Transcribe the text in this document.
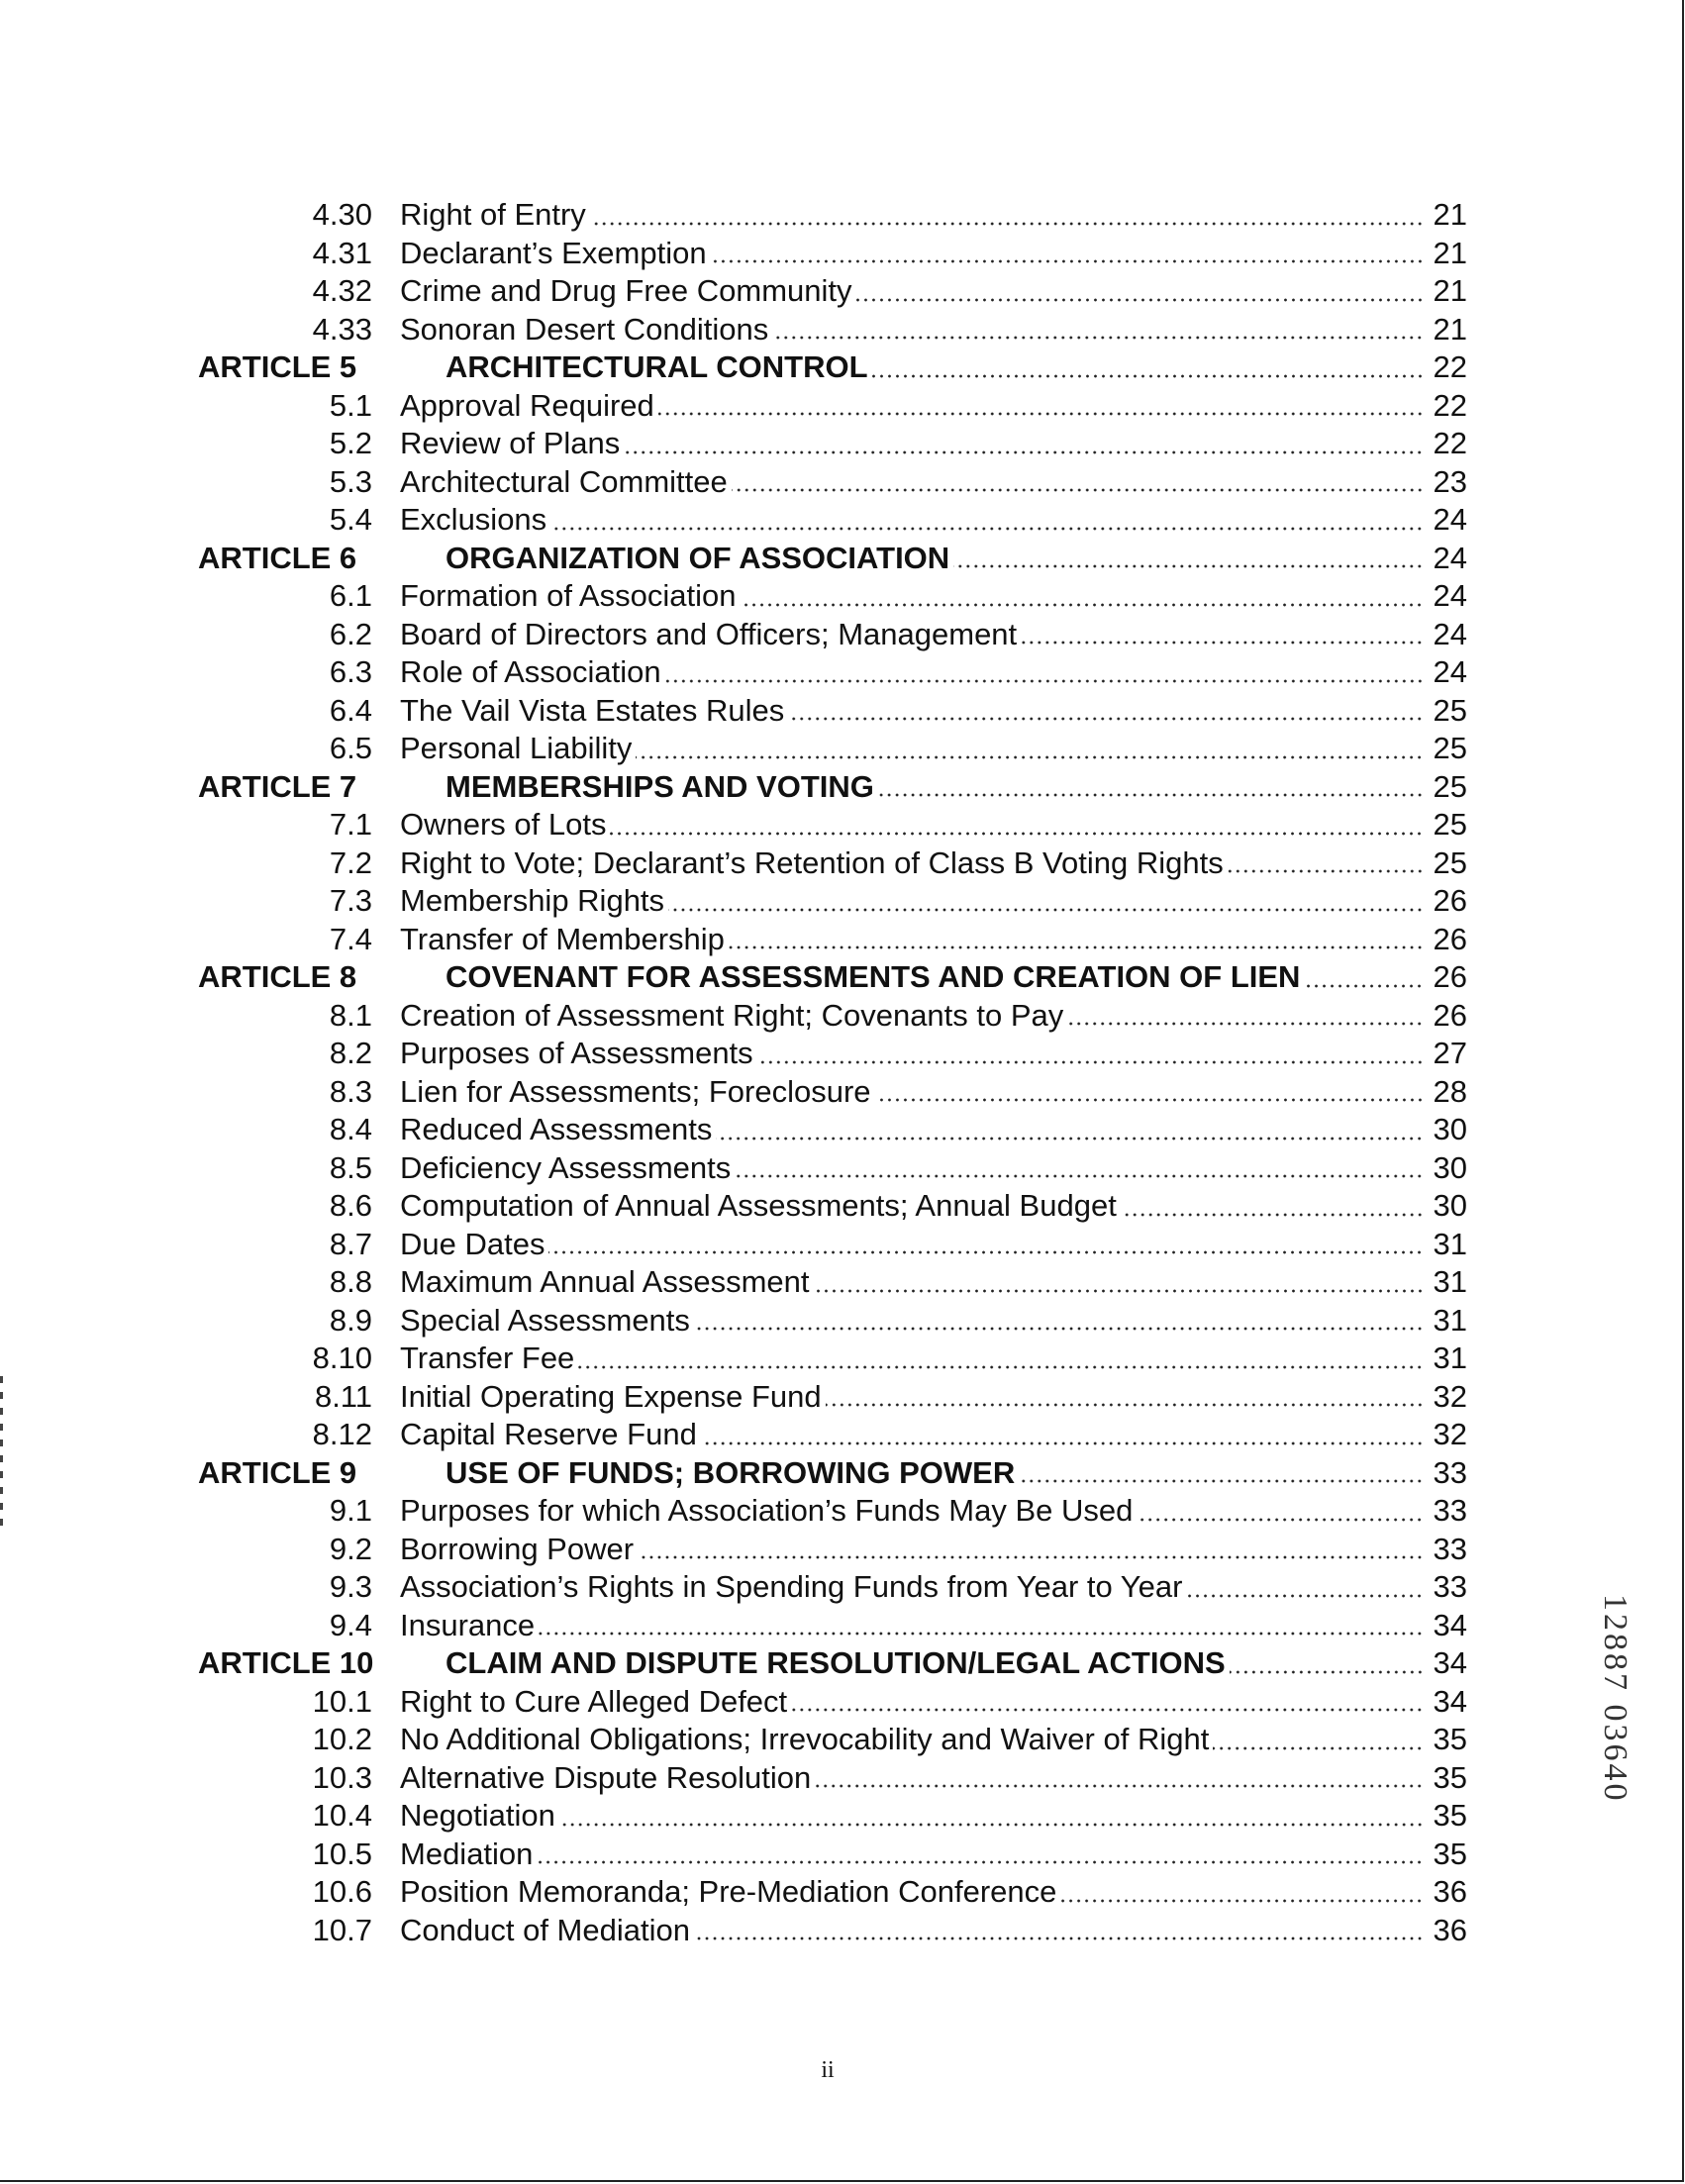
4.30 Right of Entry	21
4.31 Declarant’s Exemption	21
4.32 Crime and Drug Free Community	21
4.33 Sonoran Desert Conditions	21
ARTICLE 5	ARCHITECTURAL CONTROL	22
5.1 Approval Required	22
5.2 Review of Plans	22
5.3 Architectural Committee	23
5.4 Exclusions	24
ARTICLE 6	ORGANIZATION OF ASSOCIATION	24
6.1 Formation of Association	24
6.2 Board of Directors and Officers; Management	24
6.3 Role of Association	24
6.4 The Vail Vista Estates Rules	25
6.5 Personal Liability	25
ARTICLE 7	MEMBERSHIPS AND VOTING	25
7.1 Owners of Lots	25
7.2 Right to Vote; Declarant’s Retention of Class B Voting Rights	25
7.3 Membership Rights	26
7.4 Transfer of Membership	26
ARTICLE 8	COVENANT FOR ASSESSMENTS AND CREATION OF LIEN	26
8.1 Creation of Assessment Right; Covenants to Pay	26
8.2 Purposes of Assessments	27
8.3 Lien for Assessments; Foreclosure	28
8.4 Reduced Assessments	30
8.5 Deficiency Assessments	30
8.6 Computation of Annual Assessments; Annual Budget	30
8.7 Due Dates	31
8.8 Maximum Annual Assessment	31
8.9 Special Assessments	31
8.10 Transfer Fee	31
8.11 Initial Operating Expense Fund	32
8.12 Capital Reserve Fund	32
ARTICLE 9	USE OF FUNDS; BORROWING POWER	33
9.1 Purposes for which Association’s Funds May Be Used	33
9.2 Borrowing Power	33
9.3 Association’s Rights in Spending Funds from Year to Year	33
9.4 Insurance	34
ARTICLE 10	CLAIM AND DISPUTE RESOLUTION/LEGAL ACTIONS	34
10.1 Right to Cure Alleged Defect	34
10.2 No Additional Obligations; Irrevocability and Waiver of Right	35
10.3 Alternative Dispute Resolution	35
10.4 Negotiation	35
10.5 Mediation	35
10.6 Position Memoranda; Pre-Mediation Conference	36
10.7 Conduct of Mediation	36
ii
12887 03640
